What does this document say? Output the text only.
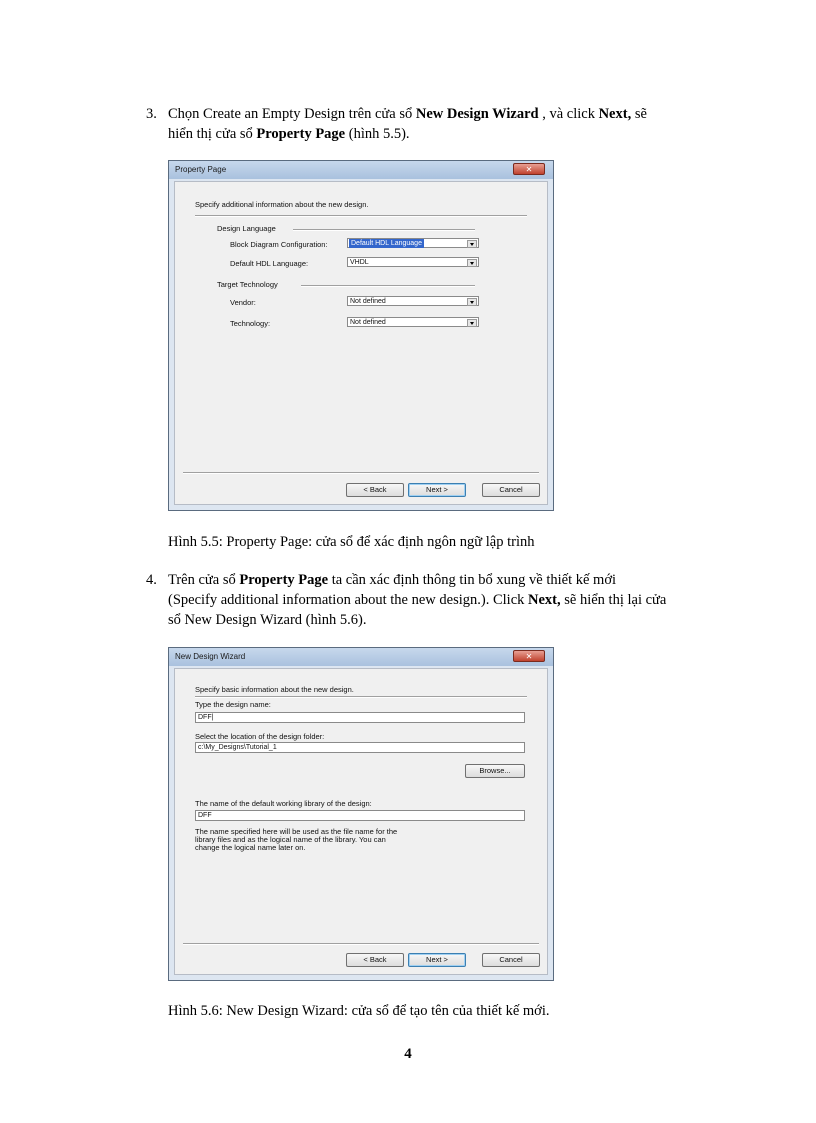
3. Chọn Create an Empty Design trên cửa sổ New Design Wizard , và click Next, sẽ
hiển thị cửa sổ Property Page (hình 5.5).
Property Page	✕
Specify additional information about the new design.
Design Language
Block Diagram Configuration:	Default HDL Language
Default HDL Language:	VHDL
Target Technology
Vendor:	Not defined
Technology:	Not defined
< Back	Next >	Cancel
Hình 5.5: Property Page: cửa sổ để xác định ngôn ngữ lập trình
4. Trên cửa sổ Property Page ta cần xác định thông tin bổ xung về thiết kế mới
(Specify additional information about the new design.). Click Next, sẽ hiển thị lại cửa
sổ New Design Wizard (hình 5.6).
New Design Wizard	✕
Specify basic information about the new design.
Type the design name:
DFF|
Select the location of the design folder:
c:\My_Designs\Tutorial_1
Browse...
The name of the default working library of the design:
DFF
The name specified here will be used as the file name for the
library files and as the logical name of the library. You can
change the logical name later on.
< Back	Next >	Cancel
Hình 5.6: New Design Wizard: cửa sổ để tạo tên của thiết kế mới.
4
